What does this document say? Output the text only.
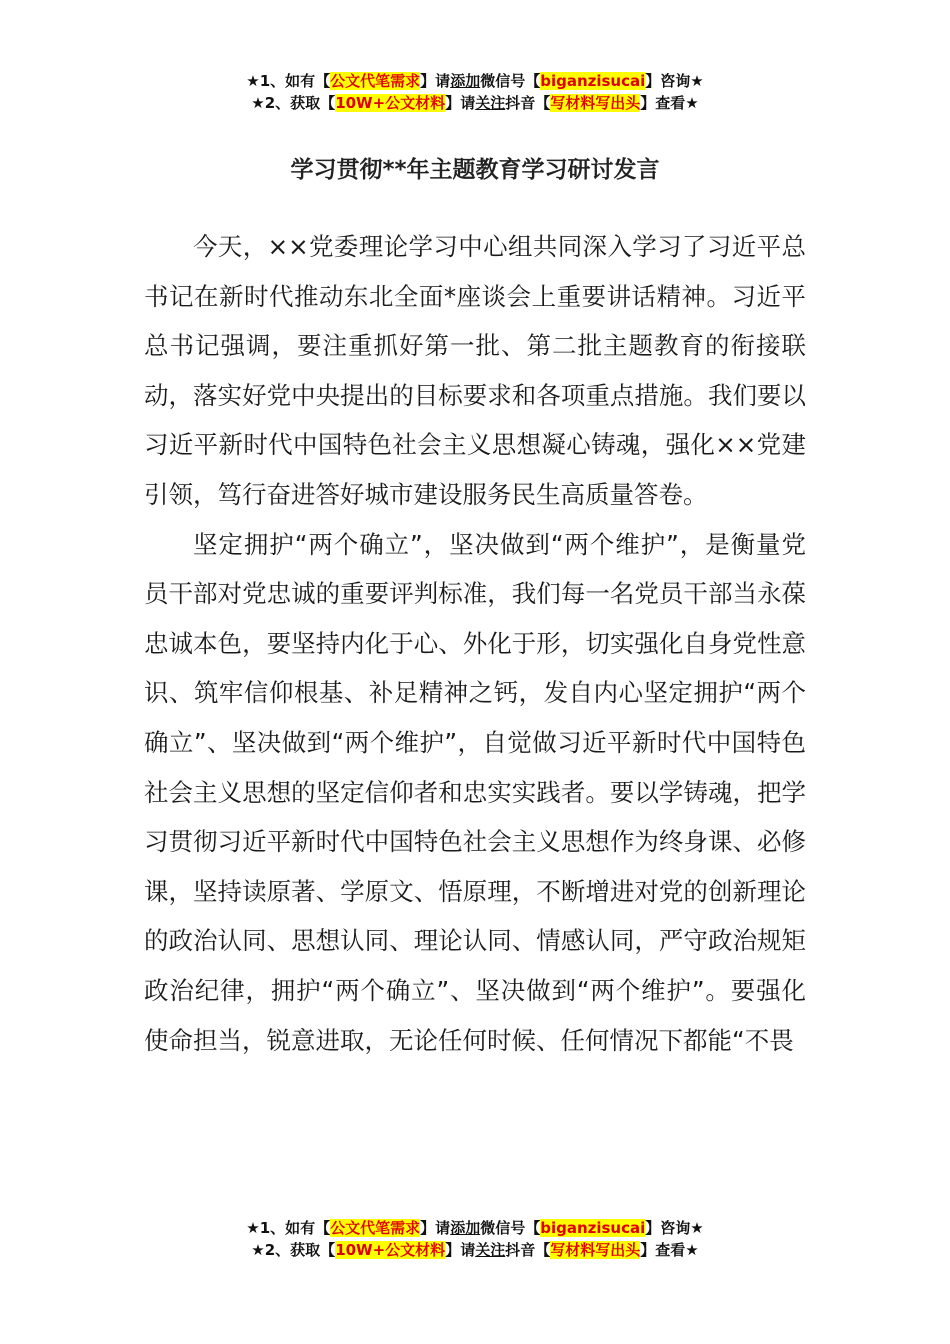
★1、如有【公文代笔需求】请添加微信号【biganzisucai】咨询★
★2、获取【10W+公文材料】请关注抖音【写材料写出头】查看★
学习贯彻**年主题教育学习研讨发言

今天，××党委理论学习中心组共同深入学习了习近平总书记在新时代推动东北全面*座谈会上重要讲话精神。习近平总书记强调，要注重抓好第一批、第二批主题教育的衔接联动，落实好党中央提出的目标要求和各项重点措施。我们要以习近平新时代中国特色社会主义思想凝心铸魂，强化××党建引领，笃行奋进答好城市建设服务民生高质量答卷。

坚定拥护“两个确立”，坚决做到“两个维护”，是衡量党员干部对党忠诚的重要评判标准，我们每一名党员干部当永葆忠诚本色，要坚持内化于心、外化于形，切实强化自身党性意识、筑牢信仰根基、补足精神之钙，发自内心坚定拥护“两个确立”、坚决做到“两个维护”，自觉做习近平新时代中国特色社会主义思想的坚定信仰者和忠实实践者。要以学铸魂，把学习贯彻习近平新时代中国特色社会主义思想作为终身课、必修课，坚持读原著、学原文、悟原理，不断增进对党的创新理论的政治认同、思想认同、理论认同、情感认同，严守政治规矩政治纪律，拥护“两个确立”、坚决做到“两个维护”。要强化使命担当，锐意进取，无论任何时候、任何情况下都能“不畏

★1、如有【公文代笔需求】请添加微信号【biganzisucai】咨询★
★2、获取【10W+公文材料】请关注抖音【写材料写出头】查看★
